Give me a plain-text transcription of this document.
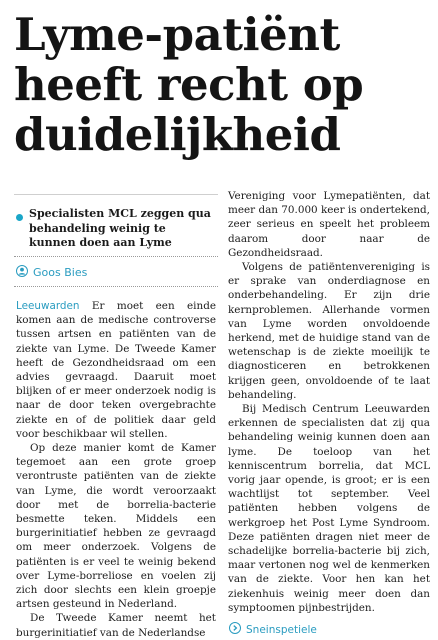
Lyme-patiënt
heeft recht op
duidelijkheid
Specialisten MCL zeggen qua behandeling weinig te kunnen doen aan Lyme
Goos Bies

Leeuwarden Er moet een einde komen aan de medische controverse tussen artsen en patiënten van de ziekte van Lyme. De Tweede Kamer heeft de Gezondheidsraad om een advies gevraagd. Daaruit moet blijken of er meer onderzoek nodig is naar de door teken overgebrachte ziekte en of de politiek daar geld voor beschikbaar wil stellen.

Op deze manier komt de Kamer tegemoet aan een grote groep verontruste patiënten van de ziekte van Lyme, die wordt veroorzaakt door met de borrelia-bacterie besmette teken. Middels een burgerinitiatief hebben ze gevraagd om meer onderzoek. Volgens de patiënten is er veel te weinig bekend over Lyme-borreliose en voelen zij zich door slechts een klein groepje artsen gesteund in Nederland.

De Tweede Kamer neemt het burgerinitiatief van de Nederlandse

Vereniging voor Lymepatiënten, dat meer dan 70.000 keer is ondertekend, zeer serieus en speelt het probleem daarom door naar de Gezondheidsraad.

Volgens de patiëntenvereniging is er sprake van onderdiagnose en onderbehandeling. Er zijn drie kernproblemen. Allerhande vormen van Lyme worden onvoldoende herkend, met de huidige stand van de wetenschap is de ziekte moeilijk te diagnosticeren en betrokkenen krijgen geen, onvoldoende of te laat behandeling.

Bij Medisch Centrum Leeuwarden erkennen de specialisten dat zij qua behandeling weinig kunnen doen aan lyme. De toeloop van het kenniscentrum borrelia, dat MCL vorig jaar opende, is groot; er is een wachtlijst tot september. Veel patiënten hebben volgens de werkgroep het Post Lyme Syndroom. Deze patiënten dragen niet meer de schadelijke borrelia-bacterie bij zich, maar vertonen nog wel de kenmerken van de ziekte. Voor hen kan het ziekenhuis weinig meer doen dan symptoomen pijnbestrijden.

Sneinspetiele
